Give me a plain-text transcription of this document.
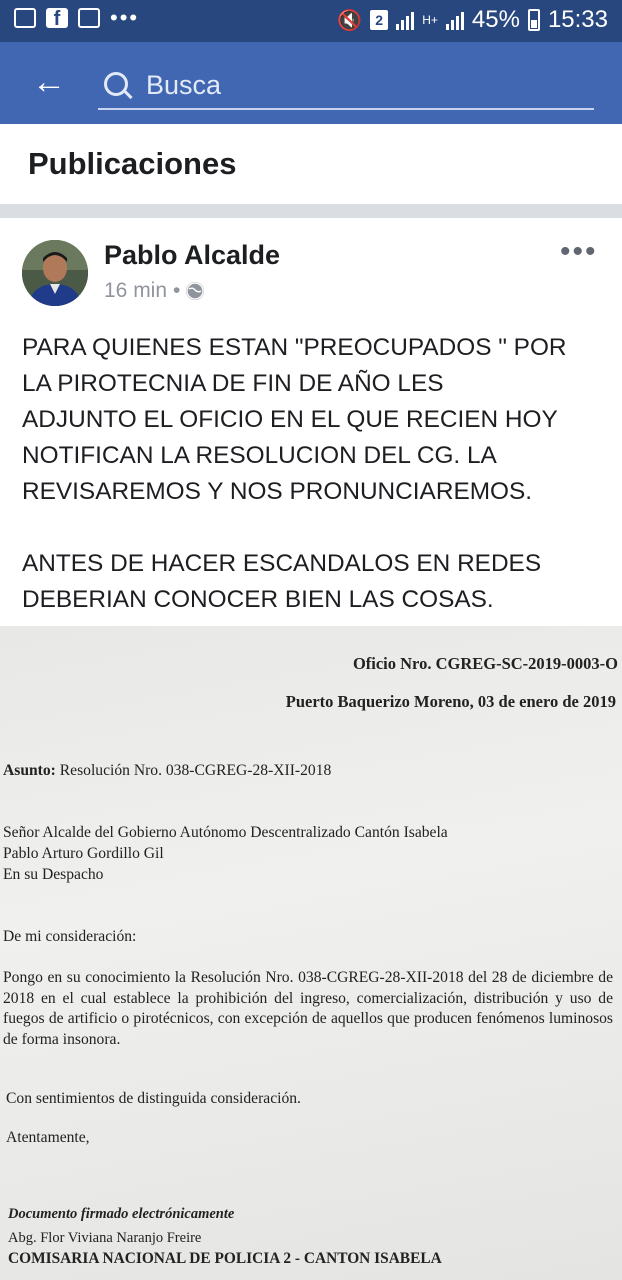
f	•••	🔇 2	H+ 45% 15:33
←
Busca
Publicaciones
Pablo Alcalde
16 min •
•••

PARA QUIENES ESTAN "PREOCUPADOS " POR
LA PIROTECNIA DE FIN DE AÑO LES
ADJUNTO EL OFICIO EN EL QUE RECIEN HOY
NOTIFICAN LA RESOLUCION DEL CG. LA
REVISAREMOS Y NOS PRONUNCIAREMOS.

ANTES DE HACER ESCANDALOS EN REDES
DEBERIAN CONOCER BIEN LAS COSAS.

Oficio Nro. CGREG-SC-2019-0003-O
Puerto Baquerizo Moreno, 03 de enero de 2019
Asunto: Resolución Nro. 038-CGREG-28-XII-2018
Señor Alcalde del Gobierno Autónomo Descentralizado Cantón Isabela
Pablo Arturo Gordillo Gil
En su Despacho
De mi consideración:
Pongo en su conocimiento la Resolución Nro. 038-CGREG-28-XII-2018 del 28 de diciembre de 2018 en el cual establece la prohibición del ingreso, comercialización, distribución y uso de fuegos de artificio o pirotécnicos, con excepción de aquellos que producen fenómenos luminosos de forma insonora.
Con sentimientos de distinguida consideración.
Atentamente,
Documento firmado electrónicamente
Abg. Flor Viviana Naranjo Freire
COMISARIA NACIONAL DE POLICIA 2 - CANTON ISABELA
